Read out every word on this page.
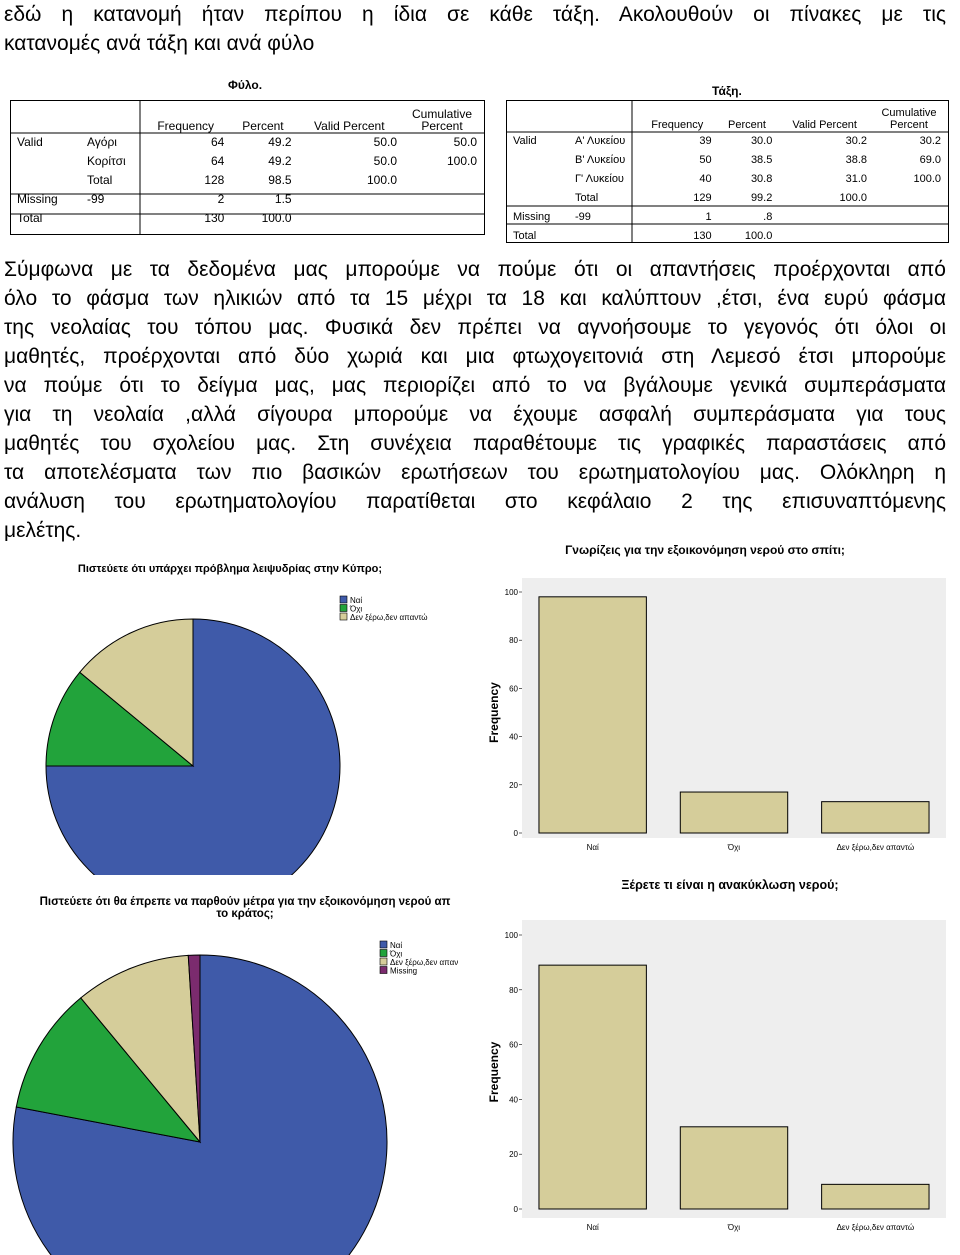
εδώ η κατανομή ήταν περίπου η ίδια σε κάθε τάξη. Ακολουθούν οι πίνακες με τις
κατανομές ανά τάξη και ανά φύλο
Φύλο.
		Frequency	Percent	Valid Percent	Cumulative Percent
Valid	Αγόρι	64	49.2	50.0	50.0
	Κορίτσι	64	49.2	50.0	100.0
	Total	128	98.5	100.0	
Missing	-99	2	1.5		
Total		130	100.0		
Τάξη.
		Frequency	Percent	Valid Percent	Cumulative Percent
Valid	Α' Λυκείου	39	30.0	30.2	30.2
	Β' Λυκείου	50	38.5	38.8	69.0
	Γ' Λυκείου	40	30.8	31.0	100.0
	Total	129	99.2	100.0	
Missing	-99	1	.8		
Total		130	100.0		
Σύμφωνα με τα δεδομένα μας μπορούμε να πούμε ότι οι απαντήσεις προέρχονται από
όλο το φάσμα των ηλικιών από τα 15 μέχρι τα 18 και καλύπτουν ,έτσι, ένα ευρύ φάσμα
της νεολαίας του τόπου μας. Φυσικά δεν πρέπει να αγνοήσουμε το γεγονός ότι όλοι οι
μαθητές, προέρχονται από δύο χωριά και μια φτωχογειτονιά στη Λεμεσό έτσι μπορούμε
να πούμε ότι το δείγμα μας, μας περιορίζει από το να βγάλουμε γενικά συμπεράσματα
για τη νεολαία ,αλλά σίγουρα μπορούμε να έχουμε ασφαλή συμπεράσματα για τους
μαθητές του σχολείου μας. Στη συνέχεια παραθέτουμε τις γραφικές παραστάσεις από
τα αποτελέσματα των πιο βασικών ερωτήσεων του ερωτηματολογίου μας. Ολόκληρη η
ανάλυση του ερωτηματολογίου παρατίθεται στο κεφάλαιο 2 της επισυναπτόμενης
μελέτης.
Πιστεύετε ότι υπάρχει πρόβλημα λειψυδρίας στην Κύπρο;
Ναί
Όχι
Δεν ξέρω,δεν απαντώ
Γνωρίζεις για την εξοικονόμηση νερού στο σπίτι;
0
20
40
60
80
100
Ναί	Όχι	Δεν ξέρω,δεν απαντώ
Frequency
Πιστεύετε ότι θα έπρεπε να παρθούν μέτρα για την εξοικονόμηση νερού απ
το κράτος;
Ναί
Όχι
Δεν ξέρω,δεν απαν
Missing
Ξέρετε τι είναι η ανακύκλωση νερού;
0
20
40
60
80
100
Ναί	Όχι	Δεν ξέρω,δεν απαντώ
Frequency
